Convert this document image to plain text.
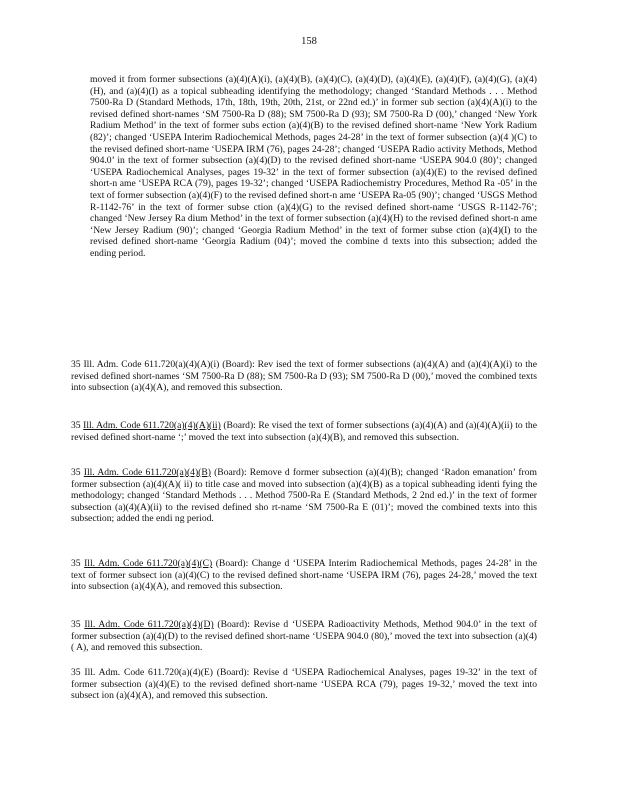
158

moved it from former subsections (a)(4)(A)(i), (a)(4)(B), (a)(4)(C), (a)(4)(D), (a)(4)(E), (a)(4)(F), (a)(4)(G), (a)(4)(H), and (a)(4)(I) as a topical subheading identifying the methodology; changed ‘Standard Methods . . . Method 7500-Ra D (Standard Methods, 17th, 18th, 19th, 20th, 21st, or 22nd ed.)’ in former sub section (a)(4)(A)(i) to the revised defined short-names ‘SM 7500-Ra D (88); SM 7500-Ra D (93); SM 7500-Ra D (00),’ changed ‘New York Radium Method’ in the text of former subs ection (a)(4)(B) to the revised defined short-name ‘New York Radium (82)’; changed ‘USEPA Interim Radiochemical Methods, pages 24-28’ in the text of former subsection (a)(4 )(C) to the revised defined short-name ‘USEPA IRM (76), pages 24-28’; changed ‘USEPA Radio activity Methods, Method 904.0’ in the text of former subsection (a)(4)(D) to the revised defined short-name ‘USEPA 904.0 (80)’; changed ‘USEPA Radiochemical Analyses, pages 19-32’ in the text of former subsection (a)(4)(E) to the revised defined short-n ame ‘USEPA RCA (79), pages 19-32’; changed ‘USEPA Radiochemistry Procedures, Method Ra -05’ in the text of former subsection (a)(4)(F) to the revised defined short-n ame ‘USEPA Ra-05 (90)’; changed ‘USGS Method R-1142-76’ in the text of former subse ction (a)(4)(G) to the revised defined short-name ‘USGS R-1142-76’; changed ‘New Jersey Ra dium Method’ in the text of former subsection (a)(4)(H) to the revised defined short-n ame ‘New Jersey Radium (90)’; changed ‘Georgia Radium Method’ in the text of former subse ction (a)(4)(I) to the revised defined short-name ‘Georgia Radium (04)’; moved the combine d texts into this subsection; added the ending period.

35 Ill. Adm. Code 611.720(a)(4)(A)(i) (Board): Rev ised the text of former subsections (a)(4)(A) and (a)(4)(A)(i) to the revised defined short-names ‘SM 7500-Ra D (88); SM 7500-Ra D (93); SM 7500-Ra D (00),’ moved the combined texts into subsection (a)(4)(A), and removed this subsection.

35 Ill. Adm. Code 611.720(a)(4)(A)(ii) (Board): Re vised the text of former subsections (a)(4)(A) and (a)(4)(A)(ii) to the revised defined short-name ‘;’ moved the text into subsection (a)(4)(B), and removed this subsection.

35 Ill. Adm. Code 611.720(a)(4)(B) (Board): Remove d former subsection (a)(4)(B); changed ‘Radon emanation’ from former subsection (a)(4)(A)( ii) to title case and moved into subsection (a)(4)(B) as a topical subheading identi fying the methodology; changed ‘Standard Methods . . . Method 7500-Ra E (Standard Methods, 2 2nd ed.)’ in the text of former subsection (a)(4)(A)(ii) to the revised defined sho rt-name ‘SM 7500-Ra E (01)’; moved the combined texts into this subsection; added the endi ng period.

35 Ill. Adm. Code 611.720(a)(4)(C) (Board): Change d ‘USEPA Interim Radiochemical Methods, pages 24-28’ in the text of former subsect ion (a)(4)(C) to the revised defined short-name ‘USEPA IRM (76), pages 24-28,’ moved the text into subsection (a)(4)(A), and removed this subsection.

35 Ill. Adm. Code 611.720(a)(4)(D) (Board): Revise d ‘USEPA Radioactivity Methods, Method 904.0’ in the text of former subsection (a)(4)(D) to the revised defined short-name ‘USEPA 904.0 (80),’ moved the text into subsection (a)(4)( A), and removed this subsection.

35 Ill. Adm. Code 611.720(a)(4)(E) (Board): Revise d ‘USEPA Radiochemical Analyses, pages 19-32’ in the text of former subsection (a)(4)(E) to the revised defined short-name ‘USEPA RCA (79), pages 19-32,’ moved the text into subsect ion (a)(4)(A), and removed this subsection.
